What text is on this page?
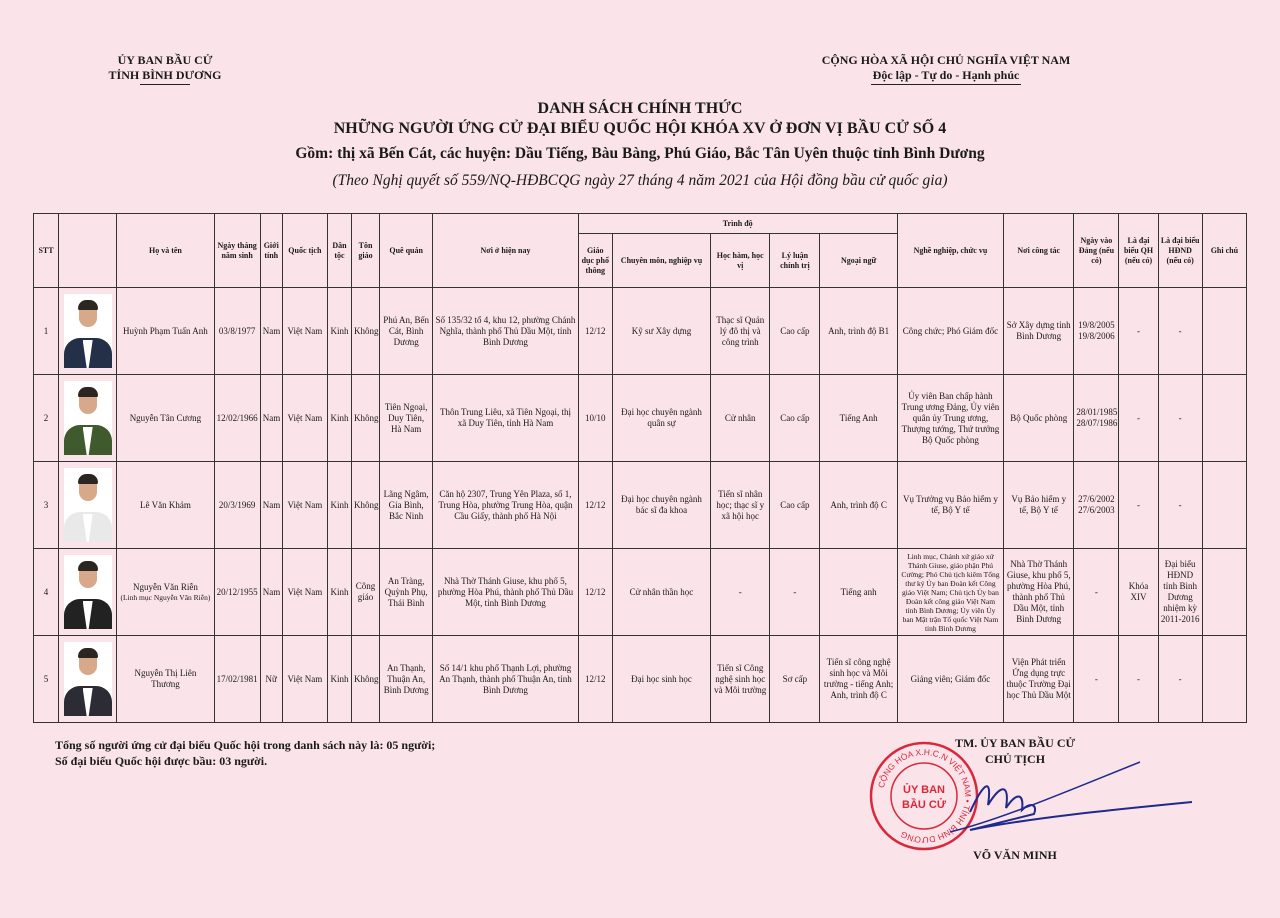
ỦY BAN BẦU CỬ
TỈNH BÌNH DƯƠNG
CỘNG HÒA XÃ HỘI CHỦ NGHĨA VIỆT NAM
Độc lập - Tự do - Hạnh phúc
DANH SÁCH CHÍNH THỨC
NHỮNG NGƯỜI ỨNG CỬ ĐẠI BIỂU QUỐC HỘI KHÓA XV Ở ĐƠN VỊ BẦU CỬ SỐ 4
Gồm: thị xã Bến Cát, các huyện: Dầu Tiếng, Bàu Bàng, Phú Giáo, Bắc Tân Uyên thuộc tỉnh Bình Dương
(Theo Nghị quyết số 559/NQ-HĐBCQG ngày 27 tháng 4 năm 2021 của Hội đồng bầu cử quốc gia)
STT		Họ và tên	Ngày tháng năm sinh	Giới tính	Quốc tịch	Dân tộc	Tôn giáo	Quê quán	Nơi ở hiện nay	Trình độ					Nghề nghiệp, chức vụ	Nơi công tác	Ngày vào Đảng (nếu có)	Là đại biểu QH (nếu có)	Là đại biểu HĐND (nếu có)	Ghi chú
										Giáo dục phổ thông	Chuyên môn, nghiệp vụ	Học hàm, học vị	Lý luận chính trị	Ngoại ngữ						
1		Huỳnh Phạm Tuấn Anh	03/8/1977	Nam	Việt Nam	Kinh	Không	Phú An, Bến Cát, Bình Dương	Số 135/32 tổ 4, khu 12, phường Chánh Nghĩa, thành phố Thủ Dầu Một, tỉnh Bình Dương	12/12	Kỹ sư Xây dựng	Thạc sĩ Quản lý đô thị và công trình	Cao cấp	Anh, trình độ B1	Công chức; Phó Giám đốc	Sở Xây dựng tỉnh Bình Dương	19/8/2005 19/8/2006	-	-	
2		Nguyễn Tân Cương	12/02/1966	Nam	Việt Nam	Kinh	Không	Tiên Ngoại, Duy Tiên, Hà Nam	Thôn Trung Liêu, xã Tiên Ngoại, thị xã Duy Tiên, tỉnh Hà Nam	10/10	Đại học chuyên ngành quân sự	Cử nhân	Cao cấp	Tiếng Anh	Ủy viên Ban chấp hành Trung ương Đảng, Ủy viên quân ủy Trung ương, Thượng tướng, Thứ trưởng Bộ Quốc phòng	Bộ Quốc phòng	28/01/1985 28/07/1986	-	-	
3		Lê Văn Khảm	20/3/1969	Nam	Việt Nam	Kinh	Không	Lãng Ngâm, Gia Bình, Bắc Ninh	Căn hộ 2307, Trung Yên Plaza, số 1, Trung Hòa, phường Trung Hòa, quận Cầu Giấy, thành phố Hà Nội	12/12	Đại học chuyên ngành bác sĩ đa khoa	Tiến sĩ nhân học; thạc sĩ y xã hội học	Cao cấp	Anh, trình độ C	Vụ Trưởng vụ Bảo hiểm y tế, Bộ Y tế	Vụ Bảo hiểm y tế, Bộ Y tế	27/6/2002 27/6/2003	-	-	
4		Nguyễn Văn Riễn
(Linh mục Nguyễn Văn Riễn)	20/12/1955	Nam	Việt Nam	Kinh	Công giáo	An Tràng, Quỳnh Phụ, Thái Bình	Nhà Thờ Thánh Giuse, khu phố 5, phường Hòa Phú, thành phố Thủ Dầu Một, tỉnh Bình Dương	12/12	Cử nhân thần học	-	-	Tiếng anh	Linh mục, Chánh xứ giáo xứ Thánh Giuse, giáo phận Phú Cường; Phó Chủ tịch kiêm Tổng thư ký Ủy ban Đoàn kết Công giáo Việt Nam; Chủ tịch Ủy ban Đoàn kết công giáo Việt Nam tỉnh Bình Dương; Ủy viên Ủy ban Mặt trận Tổ quốc Việt Nam tỉnh Bình Dương	Nhà Thờ Thánh Giuse, khu phố 5, phường Hòa Phú, thành phố Thủ Dầu Một, tỉnh Bình Dương	-	Khóa XIV	Đại biểu HĐND tỉnh Bình Dương nhiệm kỳ 2011-2016	
5		Nguyễn Thị Liên Thương	17/02/1981	Nữ	Việt Nam	Kinh	Không	An Thạnh, Thuận An, Bình Dương	Số 14/1 khu phố Thạnh Lợi, phường An Thạnh, thành phố Thuận An, tỉnh Bình Dương	12/12	Đại học sinh học	Tiến sĩ Công nghệ sinh học và Môi trường	Sơ cấp	Tiến sĩ công nghệ sinh học và Môi trường - tiếng Anh; Anh, trình độ C	Giảng viên; Giám đốc	Viện Phát triển Ứng dụng trực thuộc Trường Đại học Thủ Dầu Một	-	-	-	
Tổng số người ứng cử đại biểu Quốc hội trong danh sách này là: 05 người;
Số đại biểu Quốc hội được bầu: 03 người.
CỘNG HÒA X.H.C.N VIỆT NAM • TỈNH BÌNH DƯƠNG
ỦY BAN
BẦU CỬ
TM. ỦY BAN BẦU CỬ
CHỦ TỊCH
VÕ VĂN MINH
